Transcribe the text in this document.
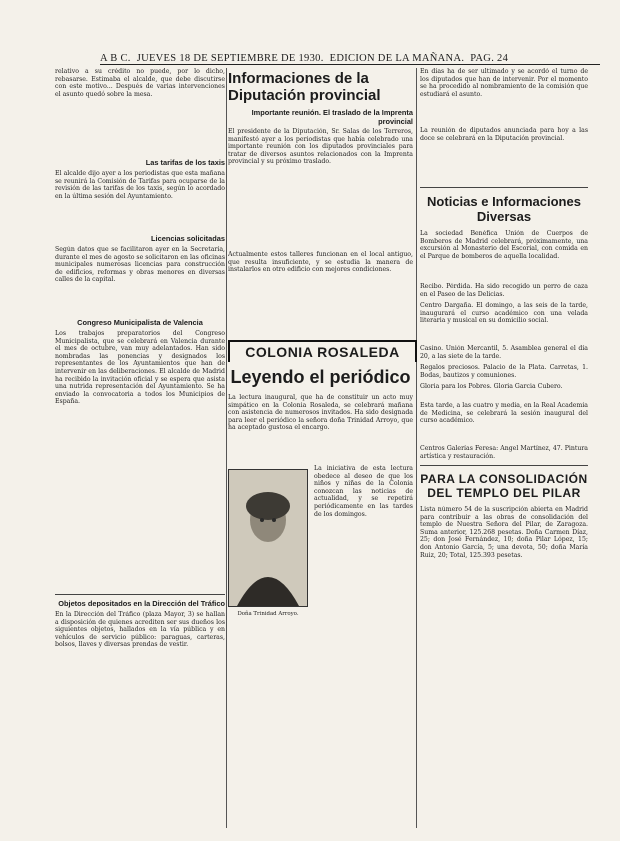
A B C. JUEVES 18 DE SEPTIEMBRE DE 1930. EDICION DE LA MAÑANA. PAG. 24

relativo a su crédito no puede, por lo dicho, rebasarse. Estimaba el alcalde, que debe discutirse con este motivo... Después de varias intervenciones el asunto quedó sobre la mesa.

Las tarifas de los taxis

El alcalde dijo ayer a los periodistas que esta mañana se reunirá la Comisión de Tarifas para ocuparse de la revisión de las tarifas de los taxis, según lo acordado en la última sesión del Ayuntamiento.

Licencias solicitadas

Según datos que se facilitaron ayer en la Secretaría, durante el mes de agosto se solicitaron en las oficinas municipales numerosas licencias para construcción de edificios, reformas y obras menores en diversas calles de la capital.

Congreso Municipalista de Valencia

Los trabajos preparatorios del Congreso Municipalista, que se celebrará en Valencia durante el mes de octubre, van muy adelantados. Han sido nombradas las ponencias y designados los representantes de los Ayuntamientos que han de intervenir en las deliberaciones. El alcalde de Madrid ha recibido la invitación oficial y se espera que asista una nutrida representación del Ayuntamiento. Se ha enviado la convocatoria a todos los Municipios de España.

Objetos depositados en la Dirección del Tráfico

En la Dirección del Tráfico (plaza Mayor, 3) se hallan a disposición de quienes acrediten ser sus dueños los siguientes objetos, hallados en la vía pública y en vehículos de servicio público: paraguas, carteras, bolsos, llaves y diversas prendas de vestir.

Informaciones de la Diputación provincial
Importante reunión. El traslado de la Imprenta provincial

El presidente de la Diputación, Sr. Salas de los Terreros, manifestó ayer a los periodistas que había celebrado una importante reunión con los diputados provinciales para tratar de diversos asuntos relacionados con la Imprenta provincial y su próximo traslado.

Actualmente estos talleres funcionan en el local antiguo, que resulta insuficiente, y se estudia la manera de instalarlos en otro edificio con mejores condiciones.

COLONIA ROSALEDA
Leyendo el periódico

La lectura inaugural, que ha de constituir un acto muy simpático en la Colonia Rosaleda, se celebrará mañana con asistencia de numerosos invitados. Ha sido designada para leer el periódico la señora doña Trinidad Arroyo, que ha aceptado gustosa el encargo.

Doña Trinidad Arroyo.

La iniciativa de esta lectura obedece al deseo de que los niños y niñas de la Colonia conozcan las noticias de actualidad, y se repetirá periódicamente en las tardes de los domingos.

En días ha de ser ultimado y se acordó el turno de los diputados que han de intervenir. Por el momento se ha procedido al nombramiento de la comisión que estudiará el asunto.

La reunión de diputados anunciada para hoy a las doce se celebrará en la Diputación provincial.

Noticias e Informaciones Diversas

La sociedad Benéfica Unión de Cuerpos de Bomberos de Madrid celebrará, próximamente, una excursión al Monasterio del Escorial, con comida en el Parque de bomberos de aquella localidad.

Recibo. Pérdida. Ha sido recogido un perro de caza en el Paseo de las Delicias.

Centro Dargaña. El domingo, a las seis de la tarde, inaugurará el curso académico con una velada literaria y musical en su domicilio social.

Casino. Unión Mercantil, 5. Asamblea general el día 20, a las siete de la tarde.

Regalos preciosos. Palacio de la Plata. Carretas, 1. Bodas, bautizos y comuniones.

Gloria para los Pobres. Gloria Garcia Cubero.

Esta tarde, a las cuatro y media, en la Real Academia de Medicina, se celebrará la sesión inaugural del curso académico.

Centros Galerías Feresa: Ángel Martínez, 47. Pintura artística y restauración.

PARA LA CONSOLIDACIÓN DEL TEMPLO DEL PILAR

Lista número 54 de la suscripción abierta en Madrid para contribuir a las obras de consolidación del templo de Nuestra Señora del Pilar, de Zaragoza. Suma anterior, 125.268 pesetas. Doña Carmen Díaz, 25; don José Fernández, 10; doña Pilar López, 15; don Antonio García, 5; una devota, 50; doña María Ruiz, 20; Total, 125.393 pesetas.
